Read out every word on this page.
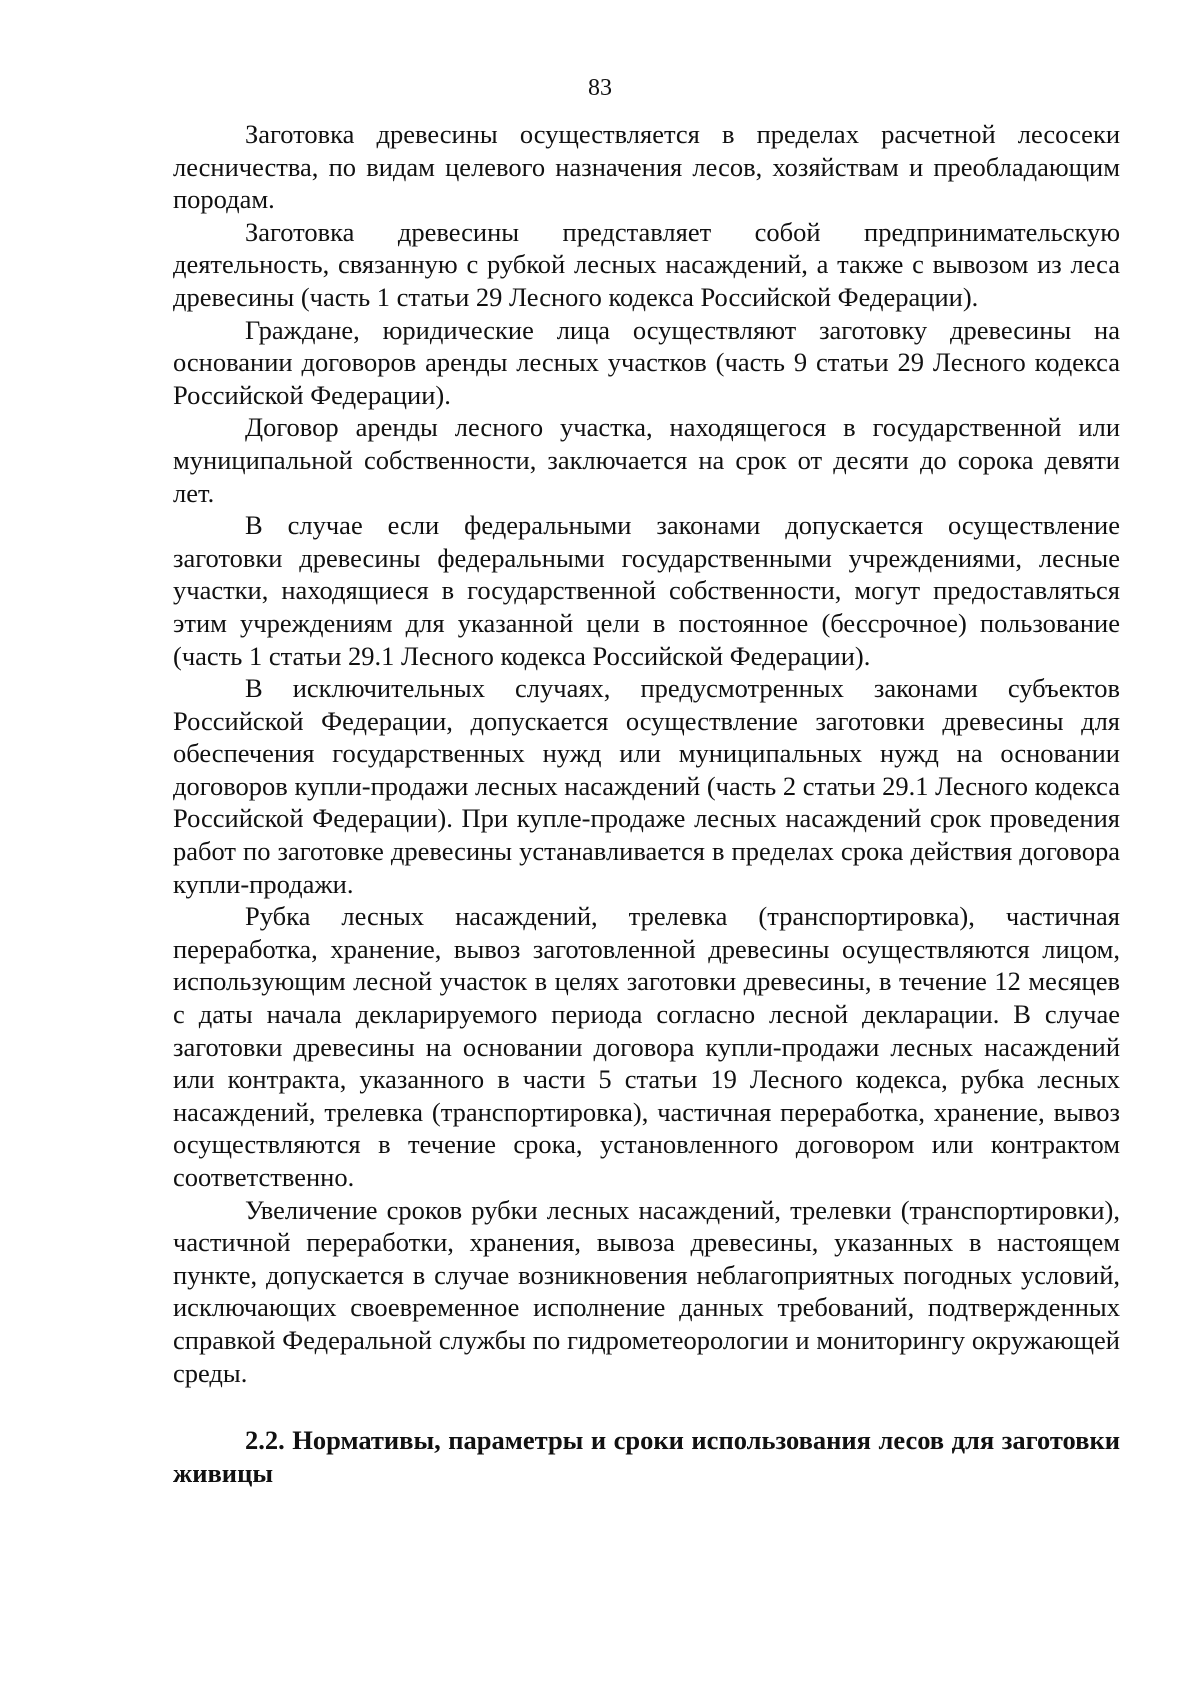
83

Заготовка древесины осуществляется в пределах расчетной лесосеки лесничества, по видам целевого назначения лесов, хозяйствам и преобладающим породам.

Заготовка древесины представляет собой предпринимательскую деятельность, связанную с рубкой лесных насаждений, а также с вывозом из леса древесины (часть 1 статьи 29 Лесного кодекса Российской Федерации).

Граждане, юридические лица осуществляют заготовку древесины на основании договоров аренды лесных участков (часть 9 статьи 29 Лесного кодекса Российской Федерации).

Договор аренды лесного участка, находящегося в государственной или муниципальной собственности, заключается на срок от десяти до сорока девяти лет.

В случае если федеральными законами допускается осуществление заготовки древесины федеральными государственными учреждениями, лесные участки, находящиеся в государственной собственности, могут предоставляться этим учреждениям для указанной цели в постоянное (бессрочное) пользование (часть 1 статьи 29.1 Лесного кодекса Российской Федерации).

В исключительных случаях, предусмотренных законами субъектов Российской Федерации, допускается осуществление заготовки древесины для обеспечения государственных нужд или муниципальных нужд на основании договоров купли-продажи лесных насаждений (часть 2 статьи 29.1 Лесного кодекса Российской Федерации). При купле-продаже лесных насаждений срок проведения работ по заготовке древесины устанавливается в пределах срока действия договора купли-продажи.

Рубка лесных насаждений, трелевка (транспортировка), частичная переработка, хранение, вывоз заготовленной древесины осуществляются лицом, использующим лесной участок в целях заготовки древесины, в течение 12 месяцев с даты начала декларируемого периода согласно лесной декларации. В случае заготовки древесины на основании договора купли-продажи лесных насаждений или контракта, указанного в части 5 статьи 19 Лесного кодекса, рубка лесных насаждений, трелевка (транспортировка), частичная переработка, хранение, вывоз осуществляются в течение срока, установленного договором или контрактом соответственно.

Увеличение сроков рубки лесных насаждений, трелевки (транспортировки), частичной переработки, хранения, вывоза древесины, указанных в настоящем пункте, допускается в случае возникновения неблагоприятных погодных условий, исключающих своевременное исполнение данных требований, подтвержденных справкой Федеральной службы по гидрометеорологии и мониторингу окружающей среды.

2.2. Нормативы, параметры и сроки использования лесов для заготовки живицы
